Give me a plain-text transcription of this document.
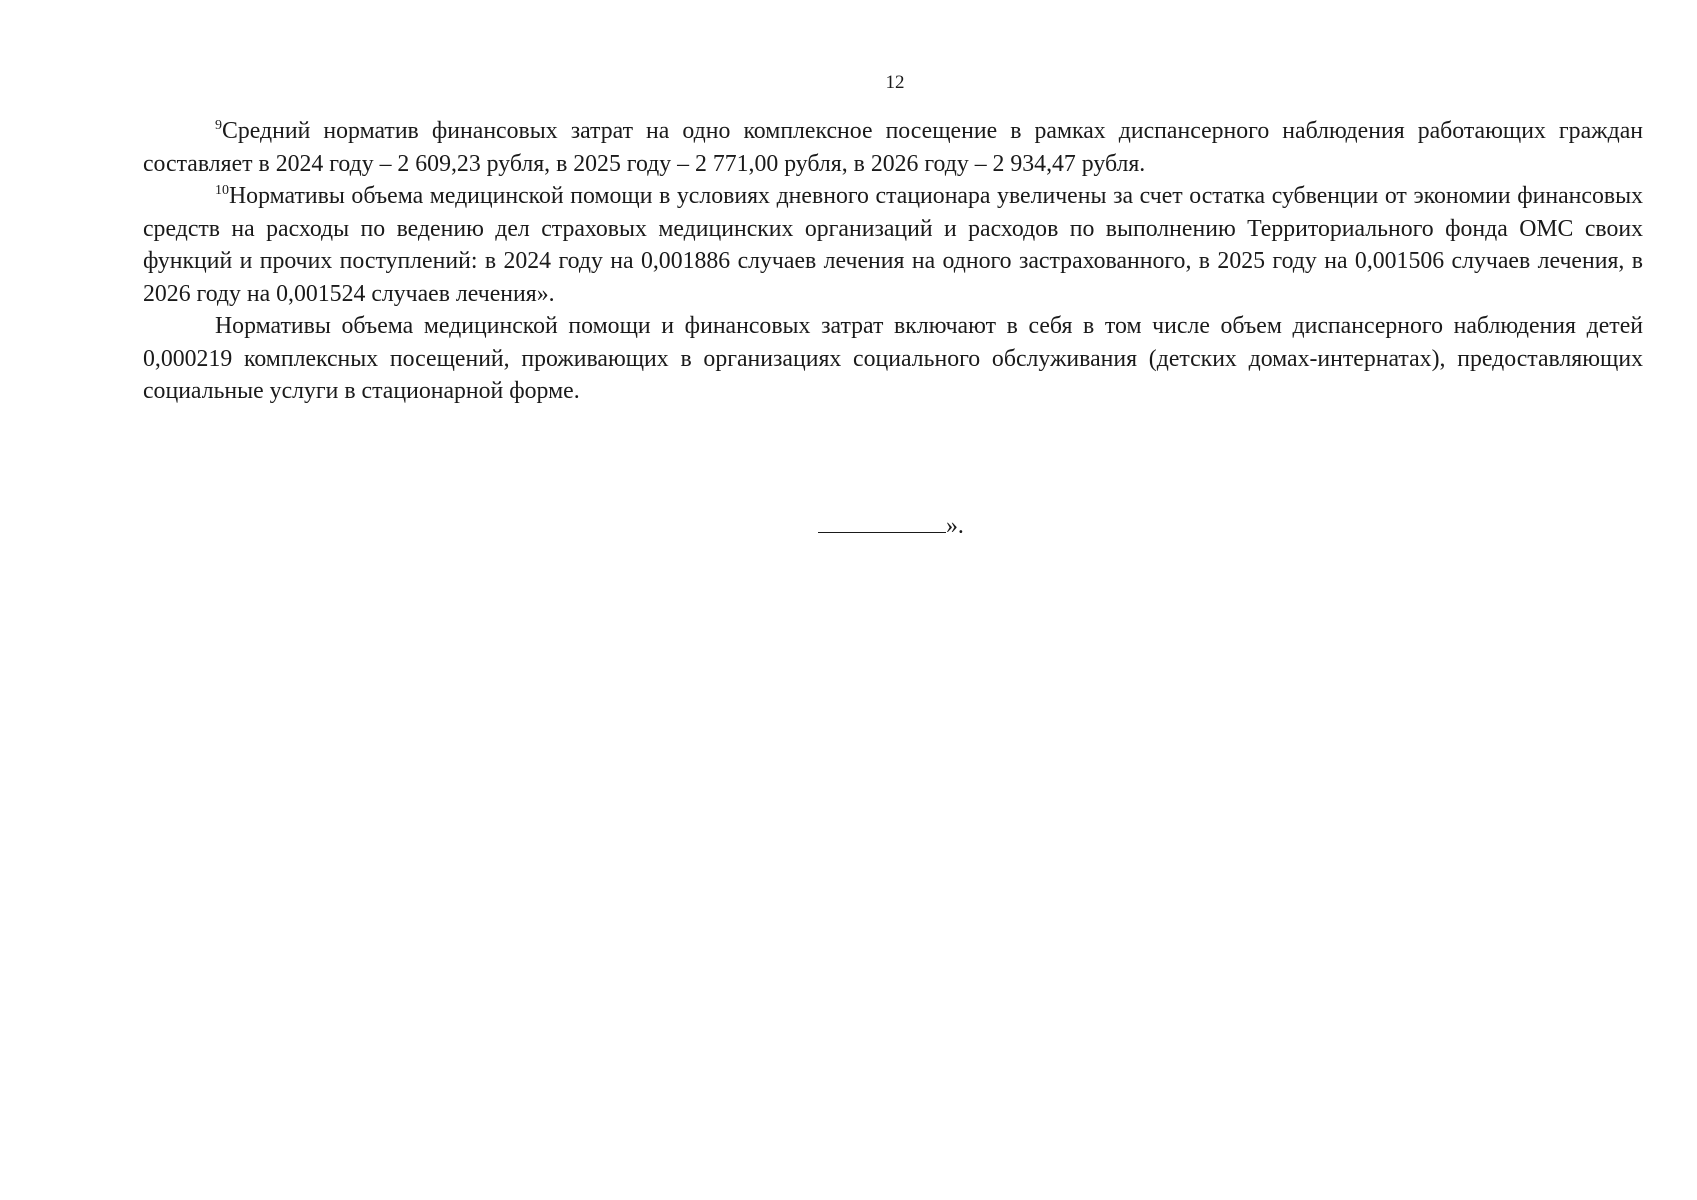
12

$^9$Средний норматив финансовых затрат на одно комплексное посещение в рамках диспансерного наблюдения работающих граждан составляет в 2024 году – 2 609,23 рубля, в 2025 году – 2 771,00 рубля, в 2026 году – 2 934,47 рубля.

$^{10}$Нормативы объема медицинской помощи в условиях дневного стационара увеличены за счет остатка субвенции от экономии финансовых средств на расходы по ведению дел страховых медицинских организаций и расходов по выполнению Территориального фонда ОМС своих функций и прочих поступлений: в 2024 году на 0,001886 случаев лечения на одного застрахованного, в 2025 году на 0,001506 случаев лечения, в 2026 году на 0,001524 случаев лечения».

Нормативы объема медицинской помощи и финансовых затрат включают в себя в том числе объем диспансерного наблюдения детей 0,000219 комплексных посещений, проживающих в организациях социального обслуживания (детских домах-интернатах), предоставляющих социальные услуги в стационарной форме.

».
